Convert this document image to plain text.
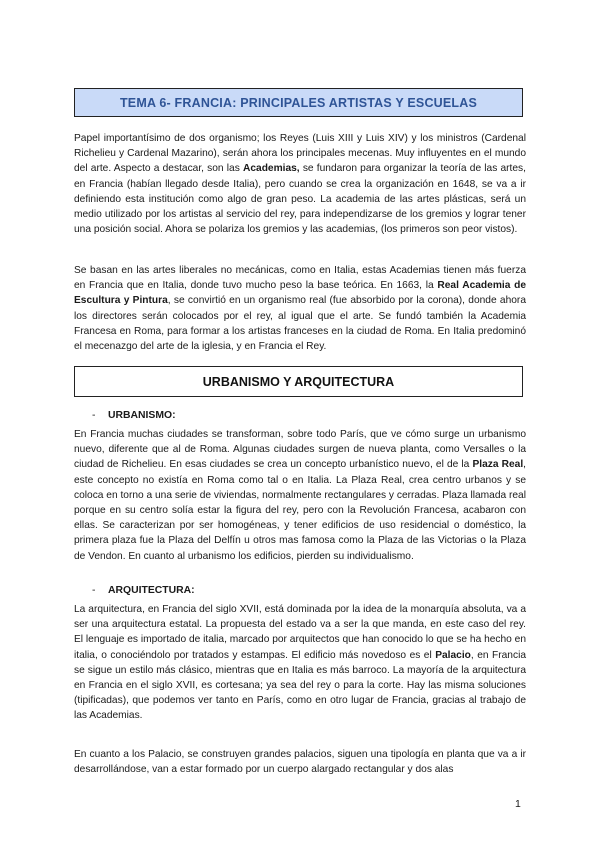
TEMA 6- FRANCIA: PRINCIPALES ARTISTAS Y ESCUELAS

Papel importantísimo de dos organismo; los Reyes (Luis XIII y Luis XIV) y los ministros (Cardenal Richelieu y Cardenal Mazarino), serán ahora los principales mecenas. Muy influyentes en el mundo del arte. Aspecto a destacar, son las Academias, se fundaron para organizar la teoría de las artes, en Francia (habían llegado desde Italia), pero cuando se crea la organización en 1648, se va a ir definiendo esta institución como algo de gran peso. La academia de las artes plásticas, será un medio utilizado por los artistas al servicio del rey, para independizarse de los gremios y lograr tener una posición social. Ahora se polariza los gremios y las academias, (los primeros son peor vistos).

Se basan en las artes liberales no mecánicas, como en Italia, estas Academias tienen más fuerza en Francia que en Italia, donde tuvo mucho peso la base teórica. En 1663, la Real Academia de Escultura y Pintura, se convirtió en un organismo real (fue absorbido por la corona), donde ahora los directores serán colocados por el rey, al igual que el arte. Se fundó también la Academia Francesa en Roma, para formar a los artistas franceses en la ciudad de Roma. En Italia predominó el mecenazgo del arte de la iglesia, y en Francia el Rey.

URBANISMO Y ARQUITECTURA

- URBANISMO:

En Francia muchas ciudades se transforman, sobre todo París, que ve cómo surge un urbanismo nuevo, diferente que al de Roma. Algunas ciudades surgen de nueva planta, como Versalles o la ciudad de Richelieu. En esas ciudades se crea un concepto urbanístico nuevo, el de la Plaza Real, este concepto no existía en Roma como tal o en Italia. La Plaza Real, crea centro urbanos y se coloca en torno a una serie de viviendas, normalmente rectangulares y cerradas. Plaza llamada real porque en su centro solía estar la figura del rey, pero con la Revolución Francesa, acabaron con ellas. Se caracterizan por ser homogéneas, y tener edificios de uso residencial o doméstico, la primera plaza fue la Plaza del Delfín u otros mas famosa como la Plaza de las Victorias o la Plaza de Vendon. En cuanto al urbanismo los edificios, pierden su individualismo.

- ARQUITECTURA:

La arquitectura, en Francia del siglo XVII, está dominada por la idea de la monarquía absoluta, va a ser una arquitectura estatal. La propuesta del estado va a ser la que manda, en este caso del rey. El lenguaje es importado de italia, marcado por arquitectos que han conocido lo que se ha hecho en italia, o conociéndolo por tratados y estampas. El edificio más novedoso es el Palacio, en Francia se sigue un estilo más clásico, mientras que en Italia es más barroco. La mayoría de la arquitectura en Francia en el siglo XVII, es cortesana; ya sea del rey o para la corte. Hay las misma soluciones (tipificadas), que podemos ver tanto en París, como en otro lugar de Francia, gracias al trabajo de las Academias.

En cuanto a los Palacio, se construyen grandes palacios, siguen una tipología en planta que va a ir desarrollándose, van a estar formado por un cuerpo alargado rectangular y dos alas

1
